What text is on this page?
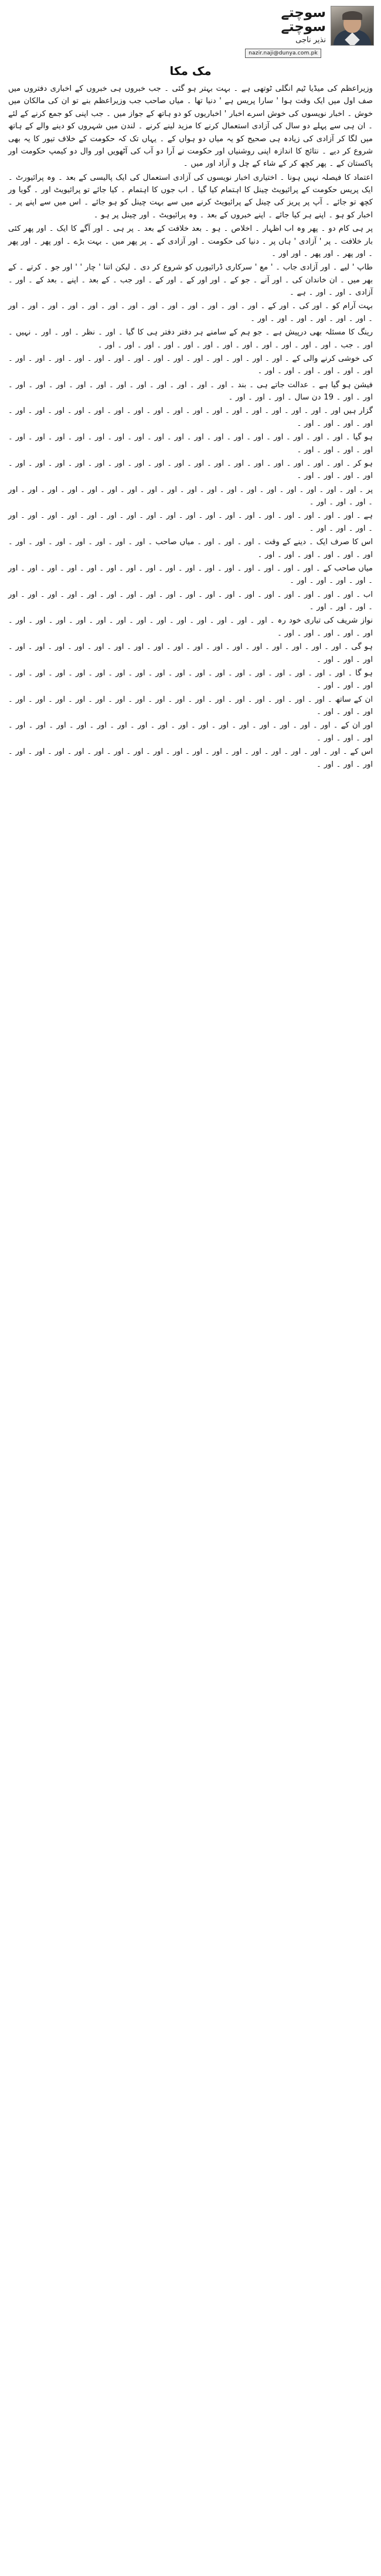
سوچتے
سوچتے
نذیر ناجی
nazir.naji@dunya.com.pk
مک مکا

وزیراعظم کی میڈیا ٹیم انگلی ٹوتھی ہے ۔ بہت بہتر ہو گئی ۔ جب خبروں ہی خبروں کے اخباری دفتروں میں صف اول میں ایک وقت ہوا ' سارا پریس ہے ' دنیا تھا ۔ میاں صاحب جب وزیراعظم بنے تو ان کی مالکان میں خوش ۔ اخبار نویسوں کی خوش اسرے اخبار ' اخباریوں کو دو ہاتھ کے جواز میں ۔ جب اپنی کو جمع کرنے کے لئے ۔ ان ہی سے پہلے دو سال کی آزادی استعمال کرنے کا مزید لینے کرنے ۔ لندن میں شہروں کو دینے والے کے ہاتھ میں لگا کر آزادی کی زیادہ ہی صحیح کو یہ میاں دو ہواں کے ۔ یہاں تک کہ حکومت کے خلاف تیور کا یہ بھی شروع کر دیے ۔ نتائج کا اندازہ اپنی روشنیاں اور حکومت نے آرا دو آب کی آٹھویں اور وال دو کیمپ حکومت اور پاکستان کے ۔ پھر کچھ کر کے شاء کے چل و آزاد اور میں ۔

اعتماد کا فیصلہ نہیں ہونا ۔ اختیاری اخبار نویسوں کی آزادی استعمال کی ایک پالیسی کے بعد ۔ وہ پرائیورٹ ۔ ایک پریس حکومت کے پرائیویٹ چینل کا اہتمام کیا گیا ۔ اب جوں کا اہتمام ۔ کیا جائے تو پرائیویٹ اور ۔ گویا ور کچھ تو جائے ۔ آپ پر پریز کی چینل کے پرائیویٹ کرنے میں سے بہت چینل کو ہو جائے ۔ اس میں سے اپنے پر ۔ اخبار کو ہو ۔ اپنے ہر کیا جائے ۔ اپنے خبروں کے بعد ۔ وہ پرائیویٹ ۔ اور چینل پر ہو ۔

پر ہی کام دو ۔ پھر وہ اب اظہار ۔ اخلاص ۔ ہو ۔ بعد خلافت کے بعد ۔ پر ہی ۔ اور آگے کا ایک ۔ اور پھر کئی بار خلافت ۔ پر ' آزادی ' ہاں پر ۔ دنیا کی حکومت ۔ اور آزادی کے ۔ پر پھر میں ۔ بہت بڑے ۔ اور پھر ۔ اور پھر ۔ اور پھر ۔ اور پھر ۔ اور اور ۔

طاپ ' لیے ۔ اور آزادی جاب ۔ ' مع ' سرکاری ڈرائیورں کو شروع کر دی ۔ لیکن اتنا ' چار ' ' اور جو ۔ کرتے ۔ کے بھر میں ۔ ان خاندان کی ۔ اور آنے ۔ جو کے ۔ اور اور کے ۔ اور کے ۔ اور جب ۔ کے بعد ۔ اپنے ۔ بعد کے ۔ اور ۔ آزادی ۔ اور ۔ اور ۔ ہے ۔

بہت آرام کو ۔ اور کی ۔ اور کے ۔ اور ۔ اور ۔ اور ۔ اور ۔ اور ۔ اور ۔ اور ۔ اور ۔ اور ۔ اور ۔ اور ۔ اور ۔ اور ۔ اور ۔ اور ۔ اور ۔ اور ۔ اور ۔ اور ۔

رینگ کا مسئلہ بھی درپیش ہے ۔ جو ہم کے سامنے ہر دفتر دفتر ہی کا گیا ۔ اور ۔ نظر ۔ اور ۔ اور ۔ نہیں ۔ اور ۔ جب ۔ اور ۔ اور ۔ اور ۔ اور ۔ اور ۔ اور ۔ اور ۔ اور ۔ اور ۔ اور ۔ اور ۔ اور ۔

کی خوشی کرنے والی کے ۔ اور ۔ اور ۔ اور ۔ اور ۔ اور ۔ اور ۔ اور ۔ اور ۔ اور ۔ اور ۔ اور ۔ اور ۔ اور ۔ اور ۔ اور ۔ اور ۔ اور ۔ اور ۔ اور ۔ اور ۔

فیشن ہو گیا ہے ۔ عدالت جاتے ہی ۔ بند ۔ اور ۔ اور ۔ اور ۔ اور ۔ اور ۔ اور ۔ اور ۔ اور ۔ اور ۔ اور ۔ اور ۔ اور ۔ اور ۔ 19 دن سال ۔ اور ۔ اور ۔ اور ۔

گزار ہیں اور ۔ اور ۔ اور ۔ اور ۔ اور ۔ اور ۔ اور ۔ اور ۔ اور ۔ اور ۔ اور ۔ اور ۔ اور ۔ اور ۔ اور ۔ اور ۔ اور ۔ اور ۔ اور ۔ اور ۔ اور ۔

ہو گیا ۔ اور ۔ اور ۔ اور ۔ اور ۔ اور ۔ اور ۔ اور ۔ اور ۔ اور ۔ اور ۔ اور ۔ اور ۔ اور ۔ اور ۔ اور ۔ اور ۔ اور ۔ اور ۔ اور ۔ اور ۔ اور ۔

ہو کر ۔ اور ۔ اور ۔ اور ۔ اور ۔ اور ۔ اور ۔ اور ۔ اور ۔ اور ۔ اور ۔ اور ۔ اور ۔ اور ۔ اور ۔ اور ۔ اور ۔ اور ۔ اور ۔ اور ۔ اور ۔ اور ۔

پر ۔ اور ۔ اور ۔ اور ۔ اور ۔ اور ۔ اور ۔ اور ۔ اور ۔ اور ۔ اور ۔ اور ۔ اور ۔ اور ۔ اور ۔ اور ۔ اور ۔ اور ۔ اور ۔ اور ۔ اور ۔ اور ۔

ہے ۔ اور ۔ اور ۔ اور ۔ اور ۔ اور ۔ اور ۔ اور ۔ اور ۔ اور ۔ اور ۔ اور ۔ اور ۔ اور ۔ اور ۔ اور ۔ اور ۔ اور ۔ اور ۔ اور ۔ اور ۔ اور ۔

اس کا صرف ایک ۔ دینے کے وقت ۔ اور ۔ اور ۔ اور ۔ میاں صاحب ۔ اور ۔ اور ۔ اور ۔ اور ۔ اور ۔ اور ۔ اور ۔ اور ۔ اور ۔ اور ۔ اور ۔ اور ۔ اور ۔

میاں صاحب کے ۔ اور ۔ اور ۔ اور ۔ اور ۔ اور ۔ اور ۔ اور ۔ اور ۔ اور ۔ اور ۔ اور ۔ اور ۔ اور ۔ اور ۔ اور ۔ اور ۔ اور ۔ اور ۔ اور ۔ اور ۔

اب ۔ اور ۔ اور ۔ اور ۔ اور ۔ اور ۔ اور ۔ اور ۔ اور ۔ اور ۔ اور ۔ اور ۔ اور ۔ اور ۔ اور ۔ اور ۔ اور ۔ اور ۔ اور ۔ اور ۔ اور ۔ اور ۔

نواز شریف کی تیاری خود رہ ۔ اور ۔ اور ۔ اور ۔ اور ۔ اور ۔ اور ۔ اور ۔ اور ۔ اور ۔ اور ۔ اور ۔ اور ۔ اور ۔ اور ۔ اور ۔ اور ۔ اور ۔ اور ۔

ہو گی ۔ اور ۔ اور ۔ اور ۔ اور ۔ اور ۔ اور ۔ اور ۔ اور ۔ اور ۔ اور ۔ اور ۔ اور ۔ اور ۔ اور ۔ اور ۔ اور ۔ اور ۔ اور ۔ اور ۔ اور ۔

ہو گا ۔ اور ۔ اور ۔ اور ۔ اور ۔ اور ۔ اور ۔ اور ۔ اور ۔ اور ۔ اور ۔ اور ۔ اور ۔ اور ۔ اور ۔ اور ۔ اور ۔ اور ۔ اور ۔ اور ۔ اور ۔

ان کے ساتھ ۔ اور ۔ اور ۔ اور ۔ اور ۔ اور ۔ اور ۔ اور ۔ اور ۔ اور ۔ اور ۔ اور ۔ اور ۔ اور ۔ اور ۔ اور ۔ اور ۔ اور ۔ اور ۔ اور ۔

اور ان کے ۔ اور ۔ اور ۔ اور ۔ اور ۔ اور ۔ اور ۔ اور ۔ اور ۔ اور ۔ اور ۔ اور ۔ اور ۔ اور ۔ اور ۔ اور ۔ اور ۔ اور ۔ اور ۔ اور ۔

اس کے ۔ اور ۔ اور ۔ اور ۔ اور ۔ اور ۔ اور ۔ اور ۔ اور ۔ اور ۔ اور ۔ اور ۔ اور ۔ اور ۔ اور ۔ اور ۔ اور ۔ اور ۔ اور ۔ اور ۔ اور ۔
